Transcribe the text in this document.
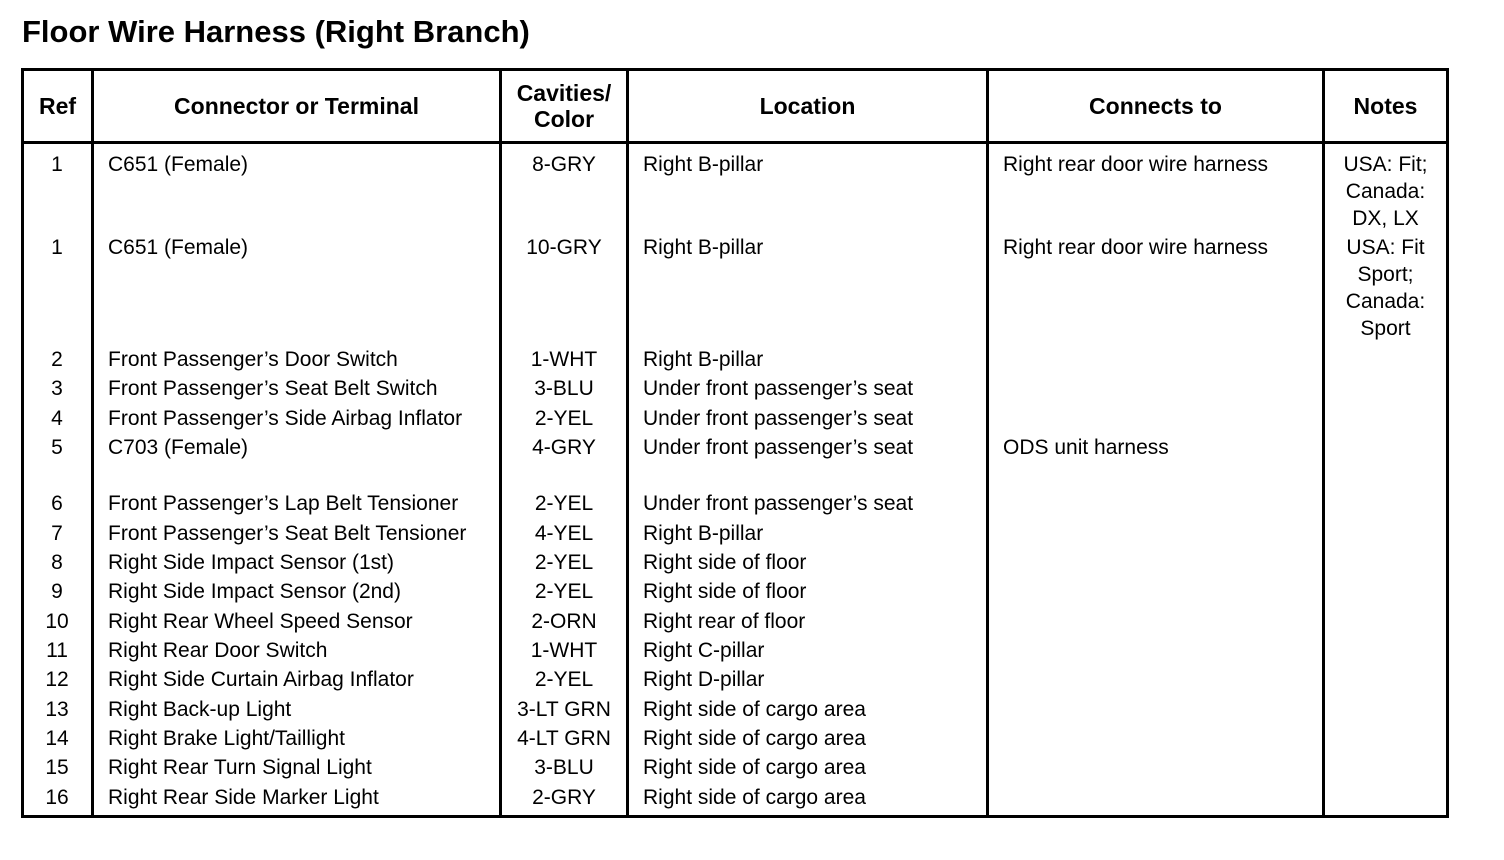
Floor Wire Harness (Right Branch)
Ref	Connector or Terminal	Cavities/
Color	Location	Connects to	Notes
1	C651 (Female)	8-GRY	Right B-pillar	Right rear door wire harness	USA: Fit;
Canada:
DX, LX
1	C651 (Female)	10-GRY	Right B-pillar	Right rear door wire harness	USA: Fit
Sport;
Canada:
Sport
2	Front Passenger’s Door Switch	1-WHT	Right B-pillar
3	Front Passenger’s Seat Belt Switch	3-BLU	Under front passenger’s seat
4	Front Passenger’s Side Airbag Inflator	2-YEL	Under front passenger’s seat
5	C703 (Female)	4-GRY	Under front passenger’s seat	ODS unit harness
6	Front Passenger’s Lap Belt Tensioner	2-YEL	Under front passenger’s seat
7	Front Passenger’s Seat Belt Tensioner	4-YEL	Right B-pillar
8	Right Side Impact Sensor (1st)	2-YEL	Right side of floor
9	Right Side Impact Sensor (2nd)	2-YEL	Right side of floor
10	Right Rear Wheel Speed Sensor	2-ORN	Right rear of floor
11	Right Rear Door Switch	1-WHT	Right C-pillar
12	Right Side Curtain Airbag Inflator	2-YEL	Right D-pillar
13	Right Back-up Light	3-LT GRN	Right side of cargo area
14	Right Brake Light/Taillight	4-LT GRN	Right side of cargo area
15	Right Rear Turn Signal Light	3-BLU	Right side of cargo area
16	Right Rear Side Marker Light	2-GRY	Right side of cargo area
